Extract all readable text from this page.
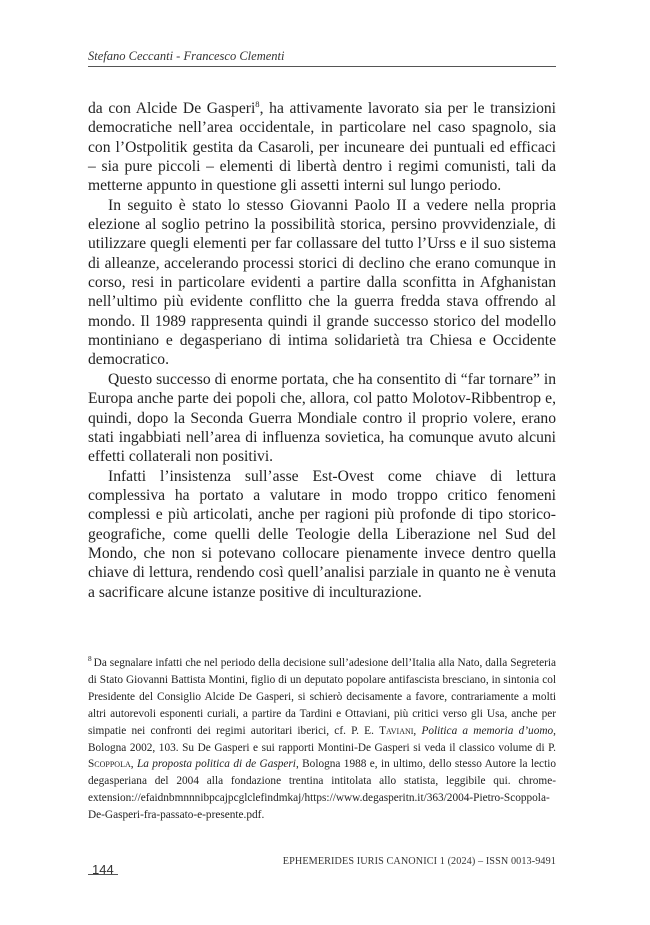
Stefano Ceccanti - Francesco Clementi

da con Alcide De Gasperi$^8$, ha attivamente lavorato sia per le transizioni democratiche nell’area occidentale, in particolare nel caso spagnolo, sia con l’Ostpolitik gestita da Casaroli, per incuneare dei puntuali ed efficaci – sia pure piccoli – elementi di libertà dentro i regimi comunisti, tali da metterne appunto in questione gli assetti interni sul lungo periodo.

In seguito è stato lo stesso Giovanni Paolo II a vedere nella propria elezione al soglio petrino la possibilità storica, persino provvidenziale, di utilizzare quegli elementi per far collassare del tutto l’Urss e il suo sistema di alleanze, accelerando processi storici di declino che erano comunque in corso, resi in particolare evidenti a partire dalla sconfitta in Afghanistan nell’ultimo più evidente conflitto che la guerra fredda stava offrendo al mondo. Il 1989 rappresenta quindi il grande successo storico del modello montiniano e degasperiano di intima solidarietà tra Chiesa e Occidente democratico.

Questo successo di enorme portata, che ha consentito di “far tornare” in Europa anche parte dei popoli che, allora, col patto Molotov-Ribbentrop e, quindi, dopo la Seconda Guerra Mondiale contro il proprio volere, erano stati ingabbiati nell’area di influenza sovietica, ha comunque avuto alcuni effetti collaterali non positivi.

Infatti l’insistenza sull’asse Est-Ovest come chiave di lettura complessiva ha portato a valutare in modo troppo critico fenomeni complessi e più articolati, anche per ragioni più profonde di tipo storico-geografiche, come quelli delle Teologie della Liberazione nel Sud del Mondo, che non si potevano collocare pienamente invece dentro quella chiave di lettura, rendendo così quell’analisi parziale in quanto ne è venuta a sacrificare alcune istanze positive di inculturazione.

$^8$ Da segnalare infatti che nel periodo della decisione sull’adesione dell’Italia alla Nato, dalla Segreteria di Stato Giovanni Battista Montini, figlio di un deputato popolare antifascista bresciano, in sintonia col Presidente del Consiglio Alcide De Gasperi, si schierò decisamente a favore, contrariamente a molti altri autorevoli esponenti curiali, a partire da Tardini e Ottaviani, più critici verso gli Usa, anche per simpatie nei confronti dei regimi autoritari iberici, cf. P. E. Taviani, Politica a memoria d’uomo, Bologna 2002, 103. Su De Gasperi e sui rapporti Montini-De Gasperi si veda il classico volume di P. Scoppola, La proposta politica di de Gasperi, Bologna 1988 e, in ultimo, dello stesso Autore la lectio degasperiana del 2004 alla fondazione trentina intitolata allo statista, leggibile qui. chrome-extension://efaidnbmnnnibpcajpcglclefindmkaj/https://www.degasperitn.it/363/2004-Pietro-Scoppola-De-Gasperi-fra-passato-e-presente.pdf.

144
EPHEMERIDES IURIS CANONICI 1 (2024) – ISSN 0013-9491
